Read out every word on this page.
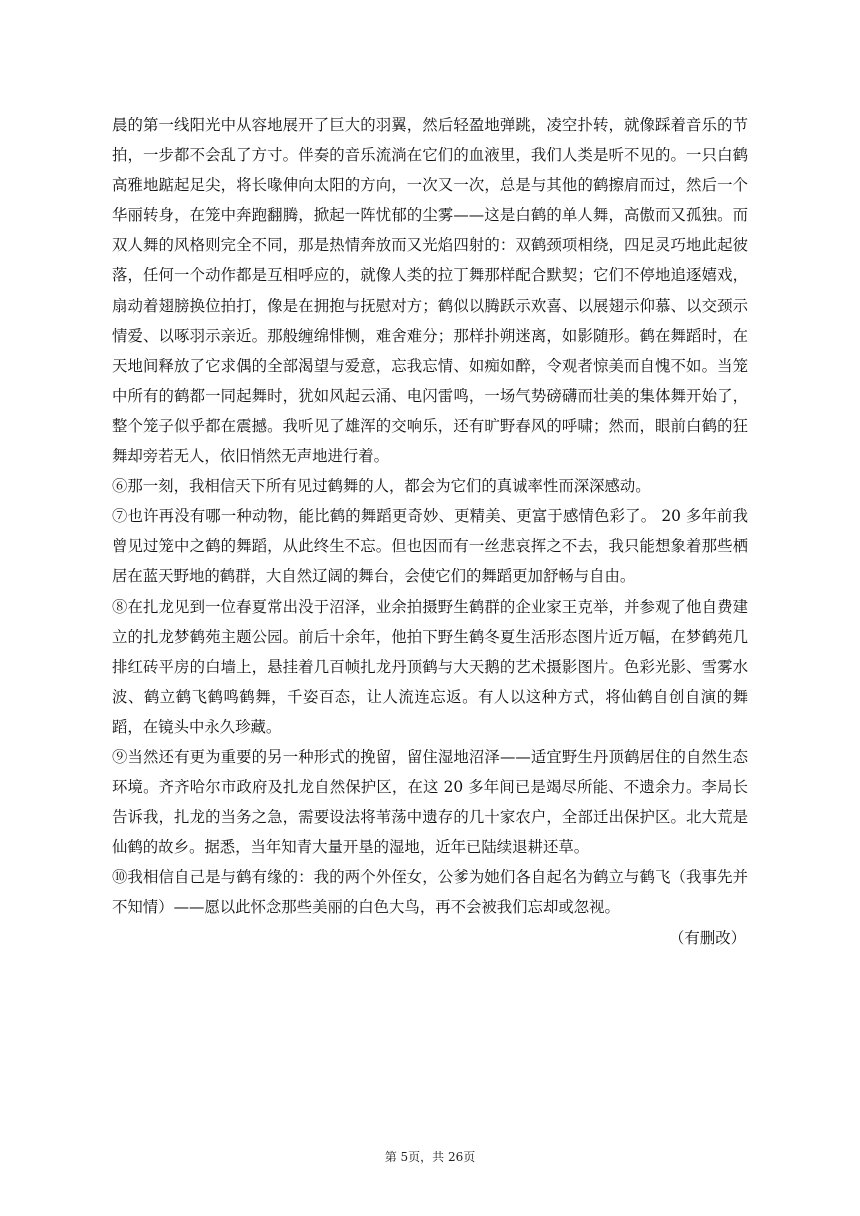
晨的第一线阳光中从容地展开了巨大的羽翼，然后轻盈地弹跳，凌空扑转，就像踩着音乐的节拍，一步都不会乱了方寸。伴奏的音乐流淌在它们的血液里，我们人类是听不见的。一只白鹤高雅地踮起足尖，将长喙伸向太阳的方向，一次又一次，总是与其他的鹤擦肩而过，然后一个华丽转身，在笼中奔跑翻腾，掀起一阵忧郁的尘雾——这是白鹤的单人舞，高傲而又孤独。而双人舞的风格则完全不同，那是热情奔放而又光焰四射的：双鹤颈项相绕，四足灵巧地此起彼落，任何一个动作都是互相呼应的，就像人类的拉丁舞那样配合默契；它们不停地追逐嬉戏，扇动着翅膀换位拍打，像是在拥抱与抚慰对方；鹤似以腾跃示欢喜、以展翅示仰慕、以交颈示情爱、以啄羽示亲近。那般缠绵悱恻，难舍难分；那样扑朔迷离，如影随形。鹤在舞蹈时，在天地间释放了它求偶的全部渴望与爱意，忘我忘情、如痴如醉，令观者惊美而自愧不如。当笼中所有的鹤都一同起舞时，犹如风起云涌、电闪雷鸣，一场气势磅礴而壮美的集体舞开始了，整个笼子似乎都在震撼。我听见了雄浑的交响乐，还有旷野春风的呼啸；然而，眼前白鹤的狂舞却旁若无人，依旧悄然无声地进行着。

⑥那一刻，我相信天下所有见过鹤舞的人，都会为它们的真诚率性而深深感动。

⑦也许再没有哪一种动物，能比鹤的舞蹈更奇妙、更精美、更富于感情色彩了。 20 多年前我曾见过笼中之鹤的舞蹈，从此终生不忘。但也因而有一丝悲哀挥之不去，我只能想象着那些栖居在蓝天野地的鹤群，大自然辽阔的舞台，会使它们的舞蹈更加舒畅与自由。

⑧在扎龙见到一位春夏常出没于沼泽，业余拍摄野生鹤群的企业家王克举，并参观了他自费建立的扎龙梦鹤苑主题公园。前后十余年，他拍下野生鹤冬夏生活形态图片近万幅，在梦鹤苑几排红砖平房的白墙上，悬挂着几百帧扎龙丹顶鹤与大天鹅的艺术摄影图片。色彩光影、雪雾水波、鹤立鹤飞鹤鸣鹤舞，千姿百态，让人流连忘返。有人以这种方式，将仙鹤自创自演的舞蹈，在镜头中永久珍藏。

⑨当然还有更为重要的另一种形式的挽留，留住湿地沼泽——适宜野生丹顶鹤居住的自然生态环境。齐齐哈尔市政府及扎龙自然保护区，在这 20 多年间已是竭尽所能、不遗余力。李局长告诉我，扎龙的当务之急，需要设法将苇荡中遗存的几十家农户，全部迁出保护区。北大荒是仙鹤的故乡。据悉，当年知青大量开垦的湿地，近年已陆续退耕还草。

⑩我相信自己是与鹤有缘的：我的两个外侄女，公爹为她们各自起名为鹤立与鹤飞（我事先并不知情）——愿以此怀念那些美丽的白色大鸟，再不会被我们忘却或忽视。

（有删改）

第 5页，共 26页
